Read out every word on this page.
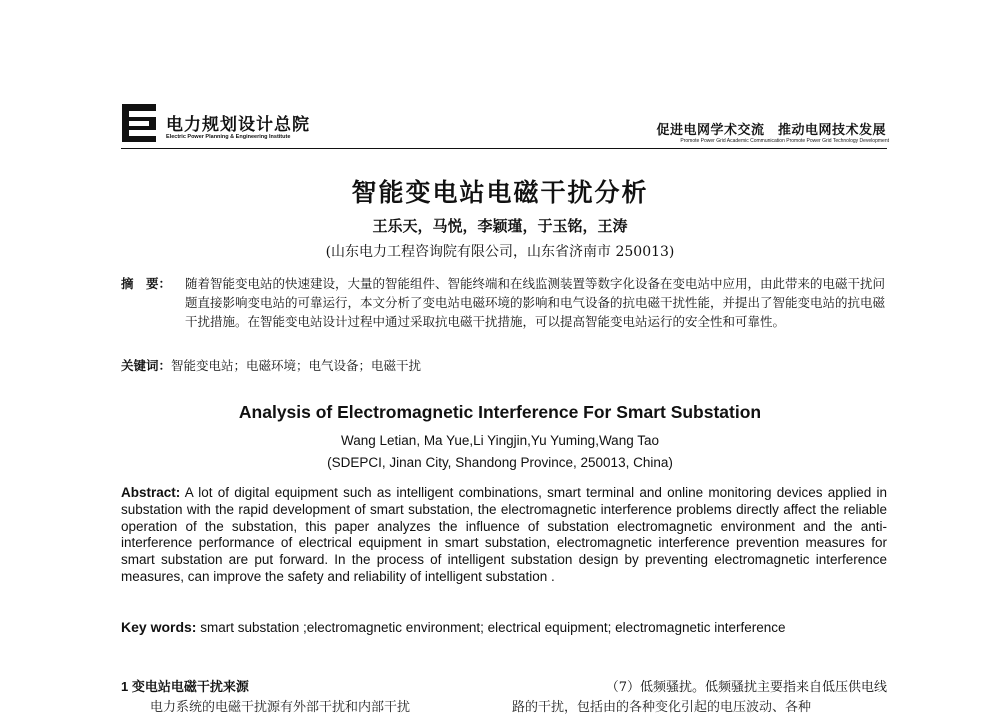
电力规划设计总院
Electric Power Planning & Engineering Institute	促进电网学术交流　推动电网技术发展
Promote Power Grid Academic Communication Promote Power Grid Technology Development
智能变电站电磁干扰分析
王乐天，马悦，李颖瑾，于玉铭，王涛
(山东电力工程咨询院有限公司，山东省济南市 250013)
摘　要： 随着智能变电站的快速建设，大量的智能组件、智能终端和在线监测装置等数字化设备在变电站中应用，由此带来的电磁干扰问题直接影响变电站的可靠运行，本文分析了变电站电磁环境的影响和电气设备的抗电磁干扰性能，并提出了智能变电站的抗电磁干扰措施。在智能变电站设计过程中通过采取抗电磁干扰措施，可以提高智能变电站运行的安全性和可靠性。
关键词：智能变电站；电磁环境；电气设备；电磁干扰
Analysis of Electromagnetic Interference For Smart Substation
Wang Letian, Ma Yue,Li Yingjin,Yu Yuming,Wang Tao
(SDEPCI, Jinan City, Shandong Province, 250013, China)
Abstract: A lot of digital equipment such as intelligent combinations, smart terminal and online monitoring devices applied in substation with the rapid development of smart substation, the electromagnetic interference problems directly affect the reliable operation of the substation, this paper analyzes the influence of substation electromagnetic environment and the anti-interference performance of electrical equipment in smart substation, electromagnetic interference prevention measures for smart substation are put forward. In the process of intelligent substation design by preventing electromagnetic interference measures, can improve the safety and reliability of intelligent substation .
Key words: smart substation ;electromagnetic environment; electrical equipment; electromagnetic interference
1 变电站电磁干扰来源	（7）低频骚扰。低频骚扰主要指来自低压供电线
电力系统的电磁干扰源有外部干扰和内部干扰	路的干扰，包括由的各种变化引起的电压波动、各种
